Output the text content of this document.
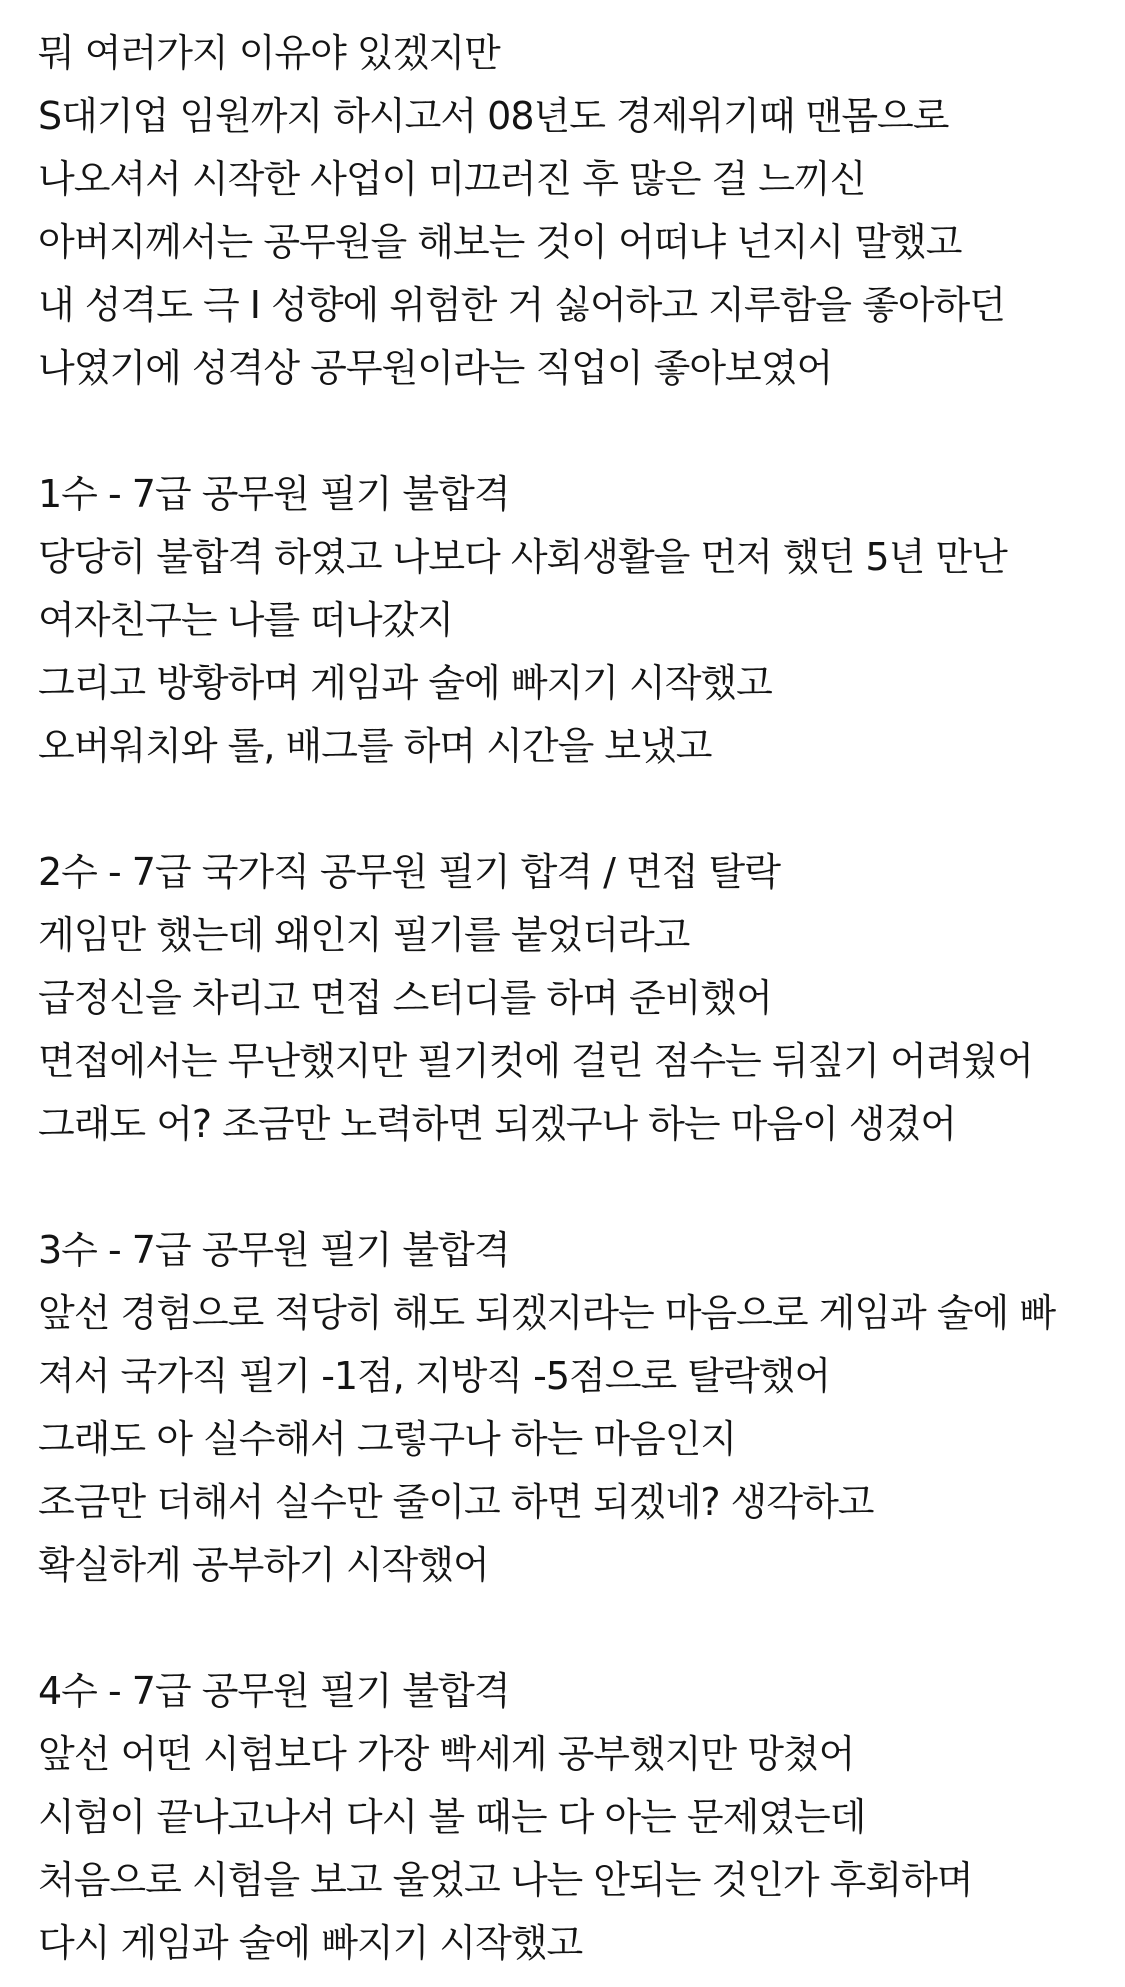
뭐 여러가지 이유야 있겠지만
S대기업 임원까지 하시고서 08년도 경제위기때 맨몸으로
나오셔서 시작한 사업이 미끄러진 후 많은 걸 느끼신
아버지께서는 공무원을 해보는 것이 어떠냐 넌지시 말했고
내 성격도 극 I 성향에 위험한 거 싫어하고 지루함을 좋아하던
나였기에 성격상 공무원이라는 직업이 좋아보였어
1수 - 7급 공무원 필기 불합격
당당히 불합격 하였고 나보다 사회생활을 먼저 했던 5년 만난
여자친구는 나를 떠나갔지
그리고 방황하며 게임과 술에 빠지기 시작했고
오버워치와 롤, 배그를 하며 시간을 보냈고
2수 - 7급 국가직 공무원 필기 합격 / 면접 탈락
게임만 했는데 왜인지 필기를 붙었더라고
급정신을 차리고 면접 스터디를 하며 준비했어
면접에서는 무난했지만 필기컷에 걸린 점수는 뒤짚기 어려웠어
그래도 어? 조금만 노력하면 되겠구나 하는 마음이 생겼어
3수 - 7급 공무원 필기 불합격
앞선 경험으로 적당히 해도 되겠지라는 마음으로 게임과 술에 빠
져서 국가직 필기 -1점, 지방직 -5점으로 탈락했어
그래도 아 실수해서 그렇구나 하는 마음인지
조금만 더해서 실수만 줄이고 하면 되겠네? 생각하고
확실하게 공부하기 시작했어
4수 - 7급 공무원 필기 불합격
앞선 어떤 시험보다 가장 빡세게 공부했지만 망쳤어
시험이 끝나고나서 다시 볼 때는 다 아는 문제였는데
처음으로 시험을 보고 울었고 나는 안되는 것인가 후회하며
다시 게임과 술에 빠지기 시작했고
